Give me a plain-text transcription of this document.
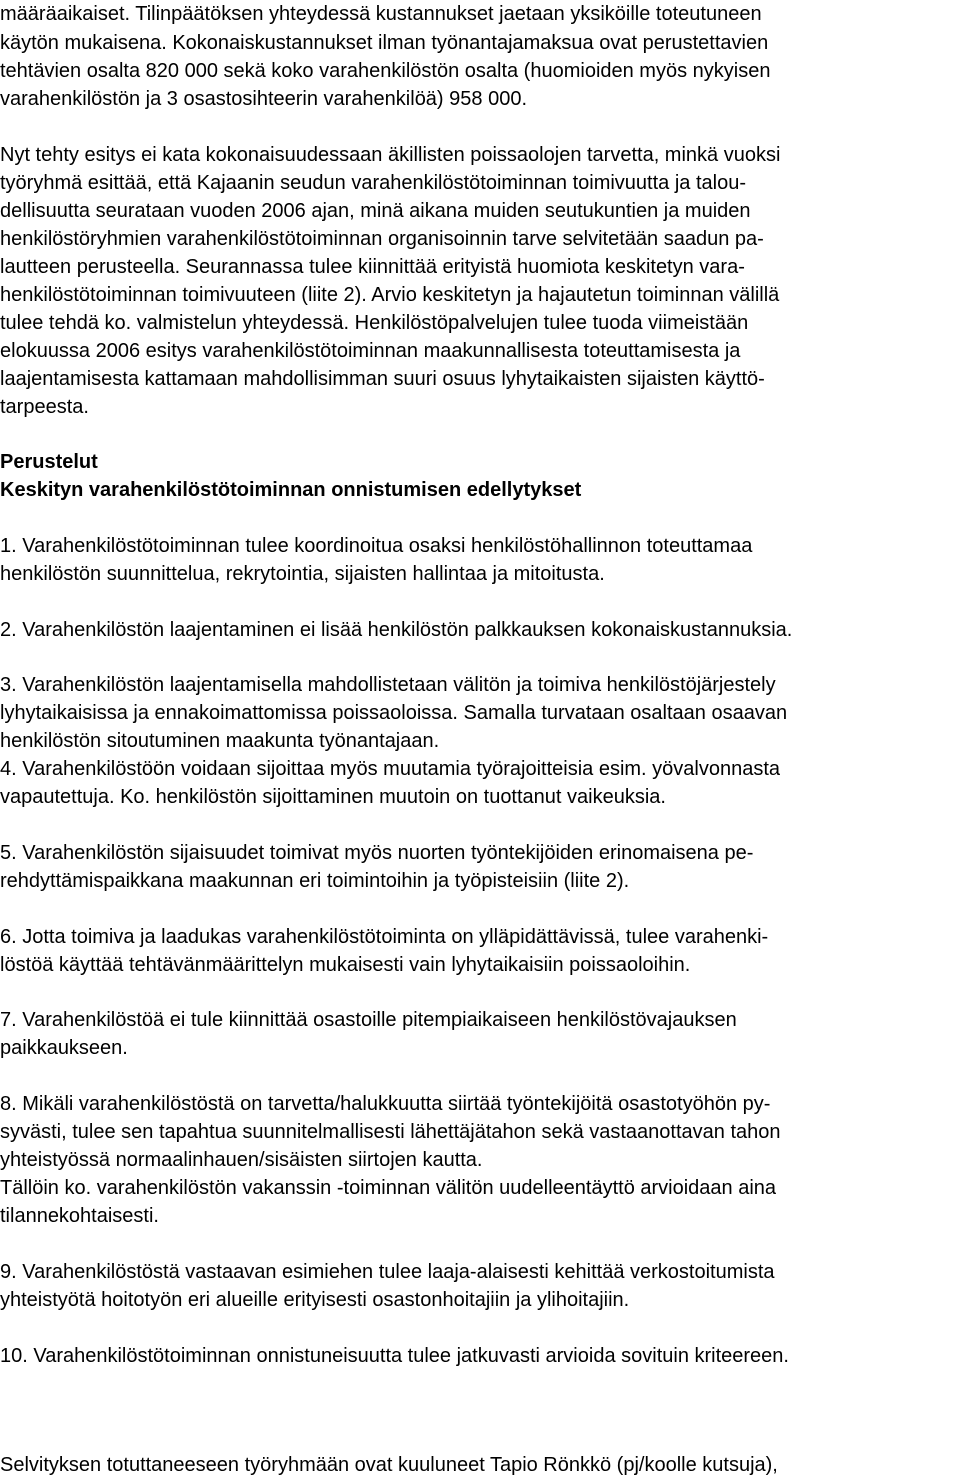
määräaikaiset. Tilinpäätöksen yhteydessä kustannukset jaetaan yksiköille toteutuneen

käytön mukaisena. Kokonaiskustannukset ilman työnantajamaksua ovat perustettavien

tehtävien osalta 820 000 sekä koko varahenkilöstön osalta (huomioiden myös nykyisen

varahenkilöstön ja 3 osastosihteerin varahenkilöä) 958 000.

Nyt tehty esitys ei kata kokonaisuudessaan äkillisten poissaolojen tarvetta, minkä vuoksi

työryhmä esittää, että Kajaanin seudun varahenkilöstötoiminnan toimivuutta ja talou-

dellisuutta seurataan vuoden 2006 ajan, minä aikana muiden seutukuntien ja muiden

henkilöstöryhmien varahenkilöstötoiminnan organisoinnin tarve selvitetään saadun pa-

lautteen perusteella. Seurannassa tulee kiinnittää erityistä huomiota keskitetyn vara-

henkilöstötoiminnan toimivuuteen (liite 2). Arvio keskitetyn ja hajautetun toiminnan välillä

tulee tehdä ko. valmistelun yhteydessä. Henkilöstöpalvelujen tulee tuoda viimeistään

elokuussa 2006 esitys varahenkilöstötoiminnan maakunnallisesta toteuttamisesta ja

laajentamisesta kattamaan mahdollisimman suuri osuus lyhytaikaisten sijaisten käyttö-

tarpeesta.

Perustelut

Keskityn varahenkilöstötoiminnan onnistumisen edellytykset

1. Varahenkilöstötoiminnan tulee koordinoitua osaksi henkilöstöhallinnon toteuttamaa

henkilöstön suunnittelua, rekrytointia, sijaisten hallintaa ja mitoitusta.

2. Varahenkilöstön laajentaminen ei lisää henkilöstön palkkauksen kokonaiskustannuksia.

3. Varahenkilöstön laajentamisella mahdollistetaan välitön ja toimiva henkilöstöjärjestely

lyhytaikaisissa ja ennakoimattomissa poissaoloissa. Samalla turvataan osaltaan osaavan

henkilöstön sitoutuminen maakunta työnantajaan.

4. Varahenkilöstöön voidaan sijoittaa myös muutamia työrajoitteisia esim. yövalvonnasta

vapautettuja. Ko. henkilöstön sijoittaminen muutoin on tuottanut vaikeuksia.

5. Varahenkilöstön sijaisuudet toimivat myös nuorten työntekijöiden erinomaisena pe-

rehdyttämispaikkana maakunnan eri toimintoihin ja työpisteisiin (liite 2).

6. Jotta toimiva ja laadukas varahenkilöstötoiminta on ylläpidättävissä, tulee varahenki-

löstöä käyttää tehtävänmäärittelyn mukaisesti vain lyhytaikaisiin poissaoloihin.

7. Varahenkilöstöä ei tule kiinnittää osastoille pitempiaikaiseen henkilöstövajauksen

paikkaukseen.

8. Mikäli varahenkilöstöstä on tarvetta/halukkuutta siirtää työntekijöitä osastotyöhön py-

syvästi, tulee sen tapahtua suunnitelmallisesti lähettäjätahon sekä vastaanottavan tahon

yhteistyössä normaalinhauen/sisäisten siirtojen kautta.

Tällöin ko. varahenkilöstön vakanssin -toiminnan välitön uudelleentäyttö arvioidaan aina

tilannekohtaisesti.

9. Varahenkilöstöstä vastaavan esimiehen tulee laaja-alaisesti kehittää verkostoitumista

yhteistyötä hoitotyön eri alueille erityisesti osastonhoitajiin ja ylihoitajiin.

10. Varahenkilöstötoiminnan onnistuneisuutta tulee jatkuvasti arvioida sovituin kriteereen.

Selvityksen totuttaneeseen työryhmään ovat kuuluneet Tapio Rönkkö (pj/koolle kutsuja),
